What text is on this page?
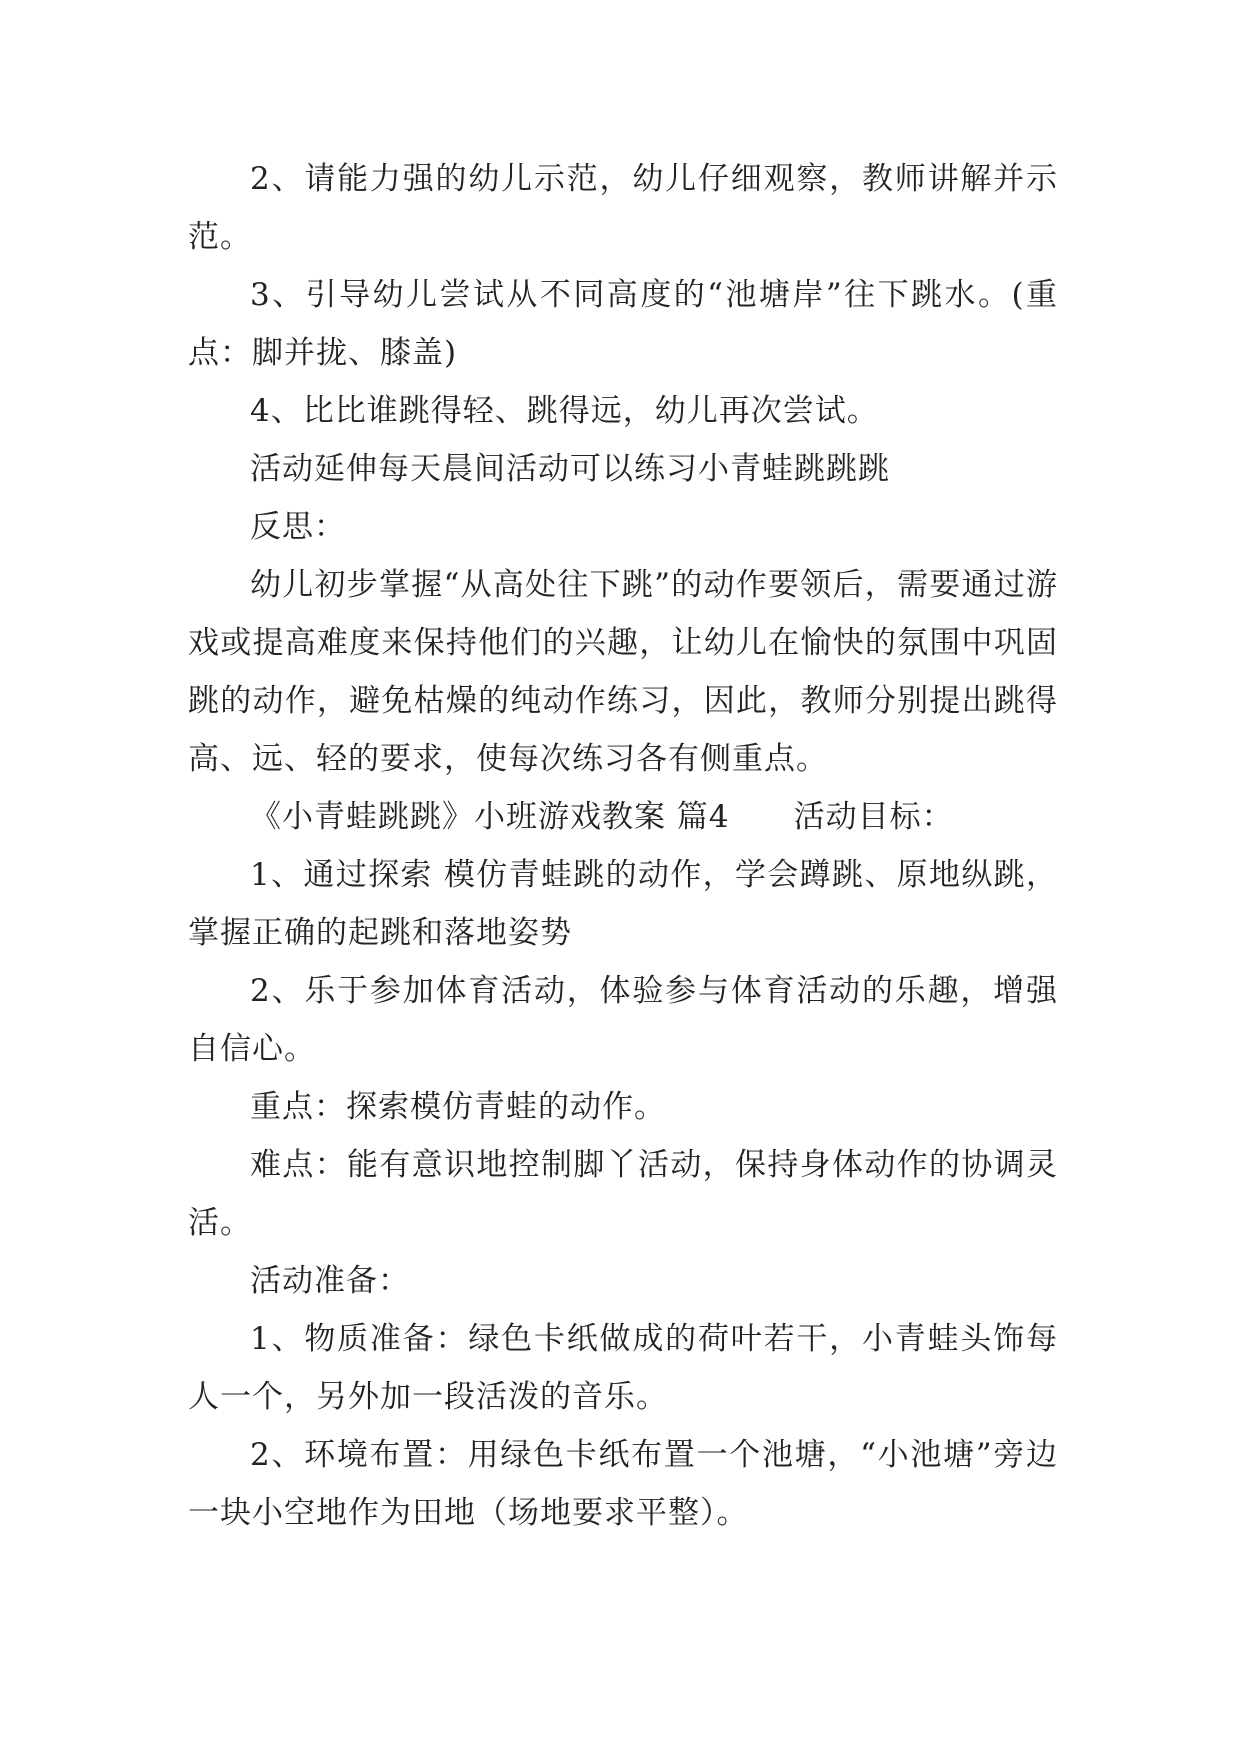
2、请能力强的幼儿示范，幼儿仔细观察，教师讲解并示范。

3、引导幼儿尝试从不同高度的“池塘岸”往下跳水。(重点：脚并拢、膝盖)

4、比比谁跳得轻、跳得远，幼儿再次尝试。

活动延伸每天晨间活动可以练习小青蛙跳跳跳

反思：

幼儿初步掌握“从高处往下跳”的动作要领后，需要通过游戏或提高难度来保持他们的兴趣，让幼儿在愉快的氛围中巩固跳的动作，避免枯燥的纯动作练习，因此，教师分别提出跳得高、远、轻的要求，使每次练习各有侧重点。

《小青蛙跳跳》小班游戏教案 篇4　　活动目标：

1、通过探索 模仿青蛙跳的动作，学会蹲跳、原地纵跳，掌握正确的起跳和落地姿势

2、乐于参加体育活动，体验参与体育活动的乐趣，增强自信心。

重点：探索模仿青蛙的动作。

难点：能有意识地控制脚丫活动，保持身体动作的协调灵活。

活动准备：

1、物质准备：绿色卡纸做成的荷叶若干，小青蛙头饰每人一个，另外加一段活泼的音乐。

2、环境布置：用绿色卡纸布置一个池塘，“小池塘”旁边一块小空地作为田地（场地要求平整）。
